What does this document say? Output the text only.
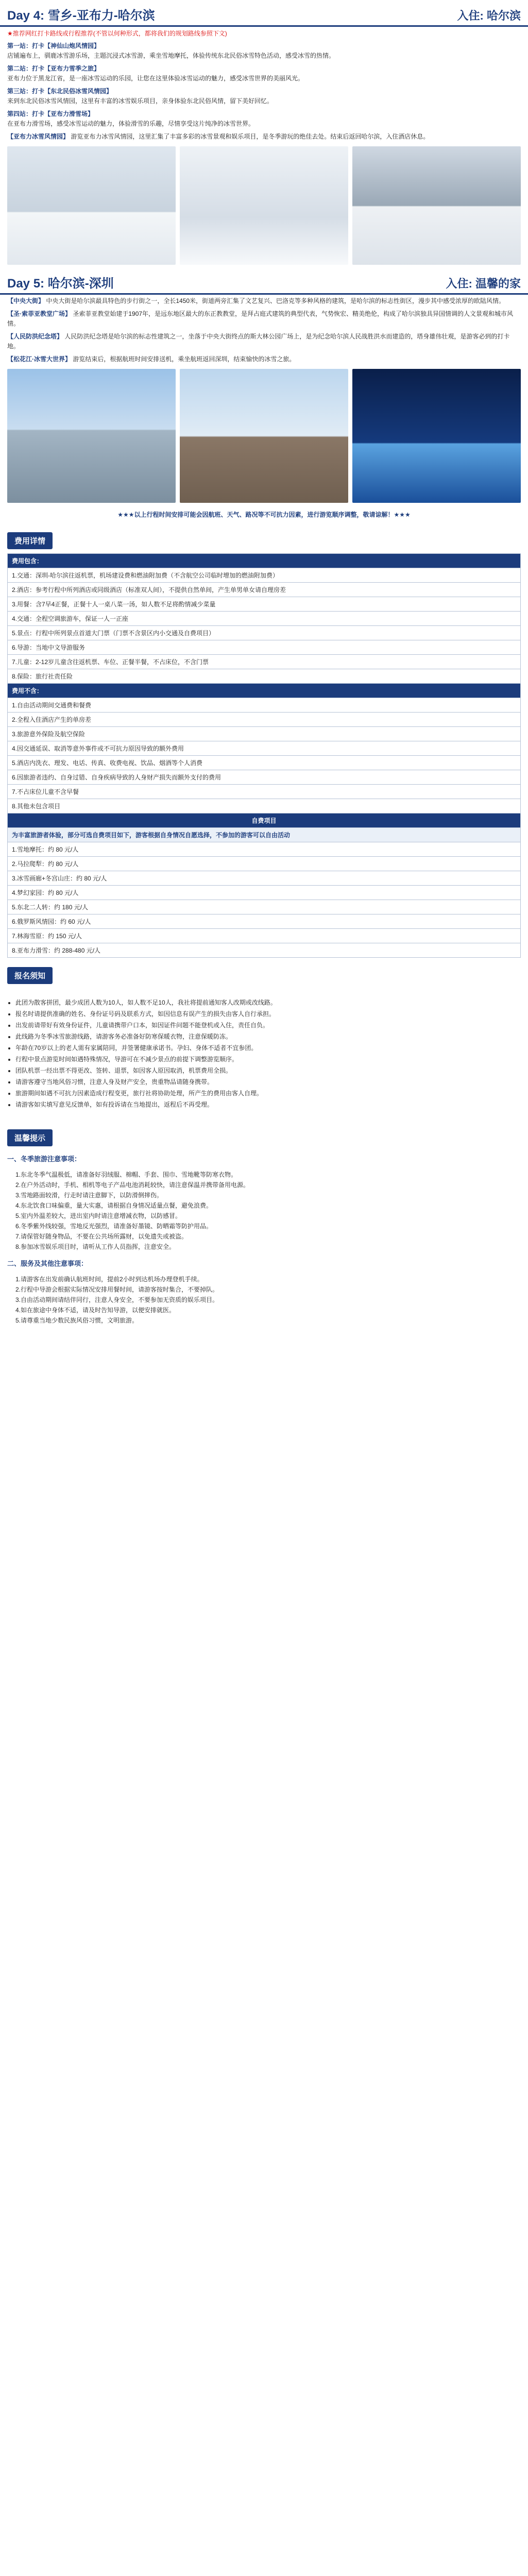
Day 4: 雪乡-亚布力-哈尔滨	入住: 哈尔滨
★推荐网红打卡路线或行程推荐(不管以何种形式，都将我们的规划路线参照下文)
第一站：打卡【神仙山炮风情园】
店铺遍布上，驯鹿冰雪游乐场，主题沉浸式冰雪游，乘坐雪地摩托，体验传统东北民俗冰雪特色活动，感受冰雪的热情。
第二站：打卡【亚布力雪季之旅】
亚布力位于黑龙江省，是一座冰雪运动的乐园，让您在这里体验冰雪运动的魅力，感受冰雪世界的美丽风光。
第三站：打卡【东北民俗冰雪风情园】
来到东北民俗冰雪风情园，这里有丰富的冰雪娱乐项目，亲身体验东北民俗风情，留下美好回忆。
第四站：打卡【亚布力滑雪场】
在亚布力滑雪场，感受冰雪运动的魅力，体验滑雪的乐趣，尽情享受这片纯净的冰雪世界。
【亚布力冰雪风情园】 游览亚布力冰雪风情园，这里汇集了丰富多彩的冰雪景观和娱乐项目，是冬季游玩的绝佳去处。结束后返回哈尔滨，入住酒店休息。
Day 5: 哈尔滨-深圳	入住: 温馨的家
【中央大街】 中央大街是哈尔滨最具特色的步行街之一，全长1450米，街道两旁汇集了文艺复兴、巴洛克等多种风格的建筑，是哈尔滨的标志性街区，漫步其中感受浓厚的欧陆风情。
【圣·索菲亚教堂广场】 圣索菲亚教堂始建于1907年，是远东地区最大的东正教教堂，是拜占庭式建筑的典型代表，气势恢宏、精美绝伦，构成了哈尔滨独具异国情调的人文景观和城市风情。
【人民防洪纪念塔】 人民防洪纪念塔是哈尔滨的标志性建筑之一，坐落于中央大街终点的斯大林公园广场上，是为纪念哈尔滨人民战胜洪水而建造的，塔身雄伟壮观，是游客必到的打卡地。
【松花江·冰雪大世界】 游览结束后，根据航班时间安排送机，乘坐航班返回深圳，结束愉快的冰雪之旅。
★★★以上行程时间安排可能会因航班、天气、路况等不可抗力因素，进行游览顺序调整，敬请谅解！★★★
费用详情
费用包含：
1.交通：深圳-哈尔滨往返机票，机场建设费和燃油附加费（不含航空公司临时增加的燃油附加费）
2.酒店：参考行程中所列酒店或同级酒店（标准双人间），不提供自然单间，产生单男单女请自理房差
3.用餐：含7早4正餐，正餐十人一桌八菜一汤，如人数不足将酌情减少菜量
4.交通：全程空调旅游车，保证一人一正座
5.景点：行程中所列景点首道大门票（门票不含景区内小交通及自费项目）
6.导游：当地中文导游服务
7.儿童：2-12岁儿童含往返机票、车位、正餐半餐，不占床位，不含门票
8.保险：旅行社责任险
费用不含：
1.自由活动期间交通费和餐费
2.全程入住酒店产生的单房差
3.旅游意外保险及航空保险
4.因交通延误、取消等意外事件或不可抗力原因导致的额外费用
5.酒店内洗衣、理发、电话、传真、收费电视、饮品、烟酒等个人消费
6.因旅游者违约、自身过错、自身疾病导致的人身财产损失而额外支付的费用
7.不占床位儿童不含早餐
8.其他未包含项目
自费项目
为丰富旅游者体验，部分可选自费项目如下，游客根据自身情况自愿选择，不参加的游客可以自由活动
1.雪地摩托：约 80 元/人
2.马拉爬犁：约 80 元/人
3.冰雪画廊+冬宫山庄：约 80 元/人
4.梦幻家园：约 80 元/人
5.东北二人转：约 180 元/人
6.俄罗斯风情园：约 60 元/人
7.林海雪原：约 150 元/人
8.亚布力滑雪：约 288-480 元/人
报名须知
• 此团为散客拼团，最少成团人数为10人，如人数不足10人，我社将提前通知客人改期或改线路。
• 报名时请提供准确的姓名、身份证号码及联系方式，如因信息有误产生的损失由客人自行承担。
• 出发前请带好有效身份证件，儿童请携带户口本，如因证件问题不能登机或入住，责任自负。
• 此线路为冬季冰雪旅游线路，请游客务必准备好防寒保暖衣物，注意保暖防冻。
• 年龄在70岁以上的老人需有家属陪同，并签署健康承诺书。孕妇、身体不适者不宜参团。
• 行程中景点游览时间如遇特殊情况，导游可在不减少景点的前提下调整游览顺序。
• 团队机票一经出票不得更改、签转、退票，如因客人原因取消，机票费用全损。
• 请游客遵守当地风俗习惯，注意人身及财产安全，贵重物品请随身携带。
• 旅游期间如遇不可抗力因素造成行程变更，旅行社将协助处理，所产生的费用由客人自理。
• 请游客如实填写意见反馈单，如有投诉请在当地提出，返程后不再受理。
温馨提示
一、冬季旅游注意事项：
1.东北冬季气温极低，请准备好羽绒服、棉帽、手套、围巾、雪地靴等防寒衣物。
2.在户外活动时，手机、相机等电子产品电池消耗较快，请注意保温并携带备用电源。
3.雪地路面较滑，行走时请注意脚下，以防滑倒摔伤。
4.东北饮食口味偏重，量大实惠，请根据自身情况适量点餐，避免浪费。
5.室内外温差较大，进出室内时请注意增减衣物，以防感冒。
6.冬季紫外线较强，雪地反光强烈，请准备好墨镜、防晒霜等防护用品。
7.请保管好随身物品，不要在公共场所露财，以免遗失或被盗。
8.参加冰雪娱乐项目时，请听从工作人员指挥，注意安全。
二、服务及其他注意事项：
1.请游客在出发前确认航班时间，提前2小时到达机场办理登机手续。
2.行程中导游会根据实际情况安排用餐时间，请游客按时集合，不要掉队。
3.自由活动期间请结伴同行，注意人身安全，不要参加无资质的娱乐项目。
4.如在旅途中身体不适，请及时告知导游，以便安排就医。
5.请尊重当地少数民族风俗习惯，文明旅游。
